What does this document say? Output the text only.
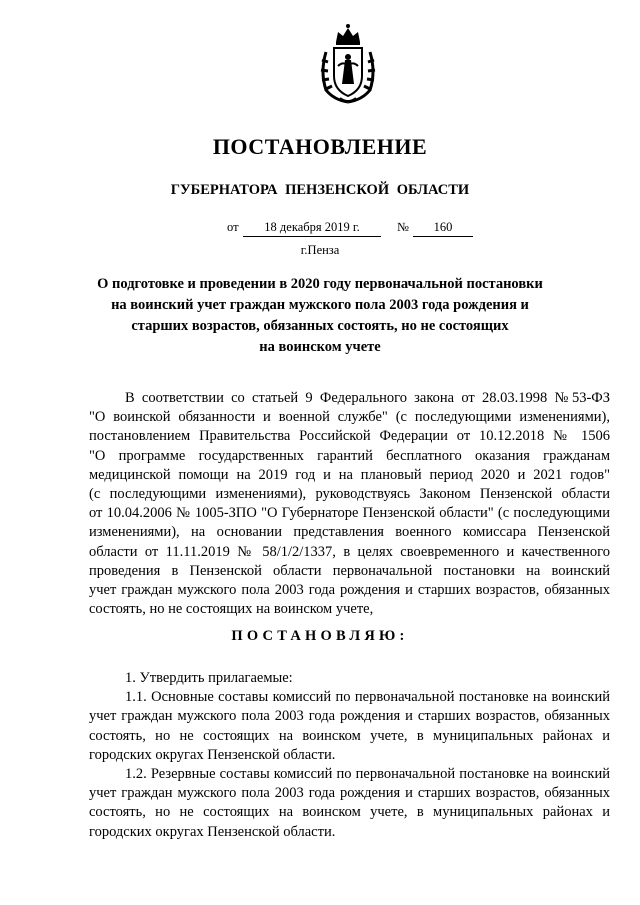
ПОСТАНОВЛЕНИЕ
ГУБЕРНАТОРА ПЕНЗЕНСКОЙ ОБЛАСТИ
от	18 декабря 2019 г.	№	160
г.Пенза
О подготовке и проведении в 2020 году первоначальной постановки
на воинский учет граждан мужского пола 2003 года рождения и
старших возрастов, обязанных состоять, но не состоящих
на воинском учете
В соответствии со статьей 9 Федерального закона от 28.03.1998 №53-ФЗ
"О воинской обязанности и военной службе" (с последующими изменениями),
постановлением Правительства Российской Федерации от 10.12.2018 № 1506
"О программе государственных гарантий бесплатного оказания гражданам
медицинской помощи на 2019 год и на плановый период 2020 и 2021 годов"
(с последующими изменениями), руководствуясь Законом Пензенской области
от 10.04.2006 № 1005-ЗПО "О Губернаторе Пензенской области" (с последующими
изменениями), на основании представления военного комиссара Пензенской
области от 11.11.2019 № 58/1/2/1337, в целях своевременного и качественного
проведения в Пензенской области первоначальной постановки на воинский
учет граждан мужского пола 2003 года рождения и старших возрастов, обязанных
состоять, но не состоящих на воинском учете,
ПОСТАНОВЛЯЮ:
1. Утвердить прилагаемые:
1.1. Основные составы комиссий по первоначальной постановке на воинский
учет граждан мужского пола 2003 года рождения и старших возрастов, обязанных
состоять, но не состоящих на воинском учете, в муниципальных районах и
городских округах Пензенской области.
1.2. Резервные составы комиссий по первоначальной постановке на воинский
учет граждан мужского пола 2003 года рождения и старших возрастов, обязанных
состоять, но не состоящих на воинском учете, в муниципальных районах и
городских округах Пензенской области.
